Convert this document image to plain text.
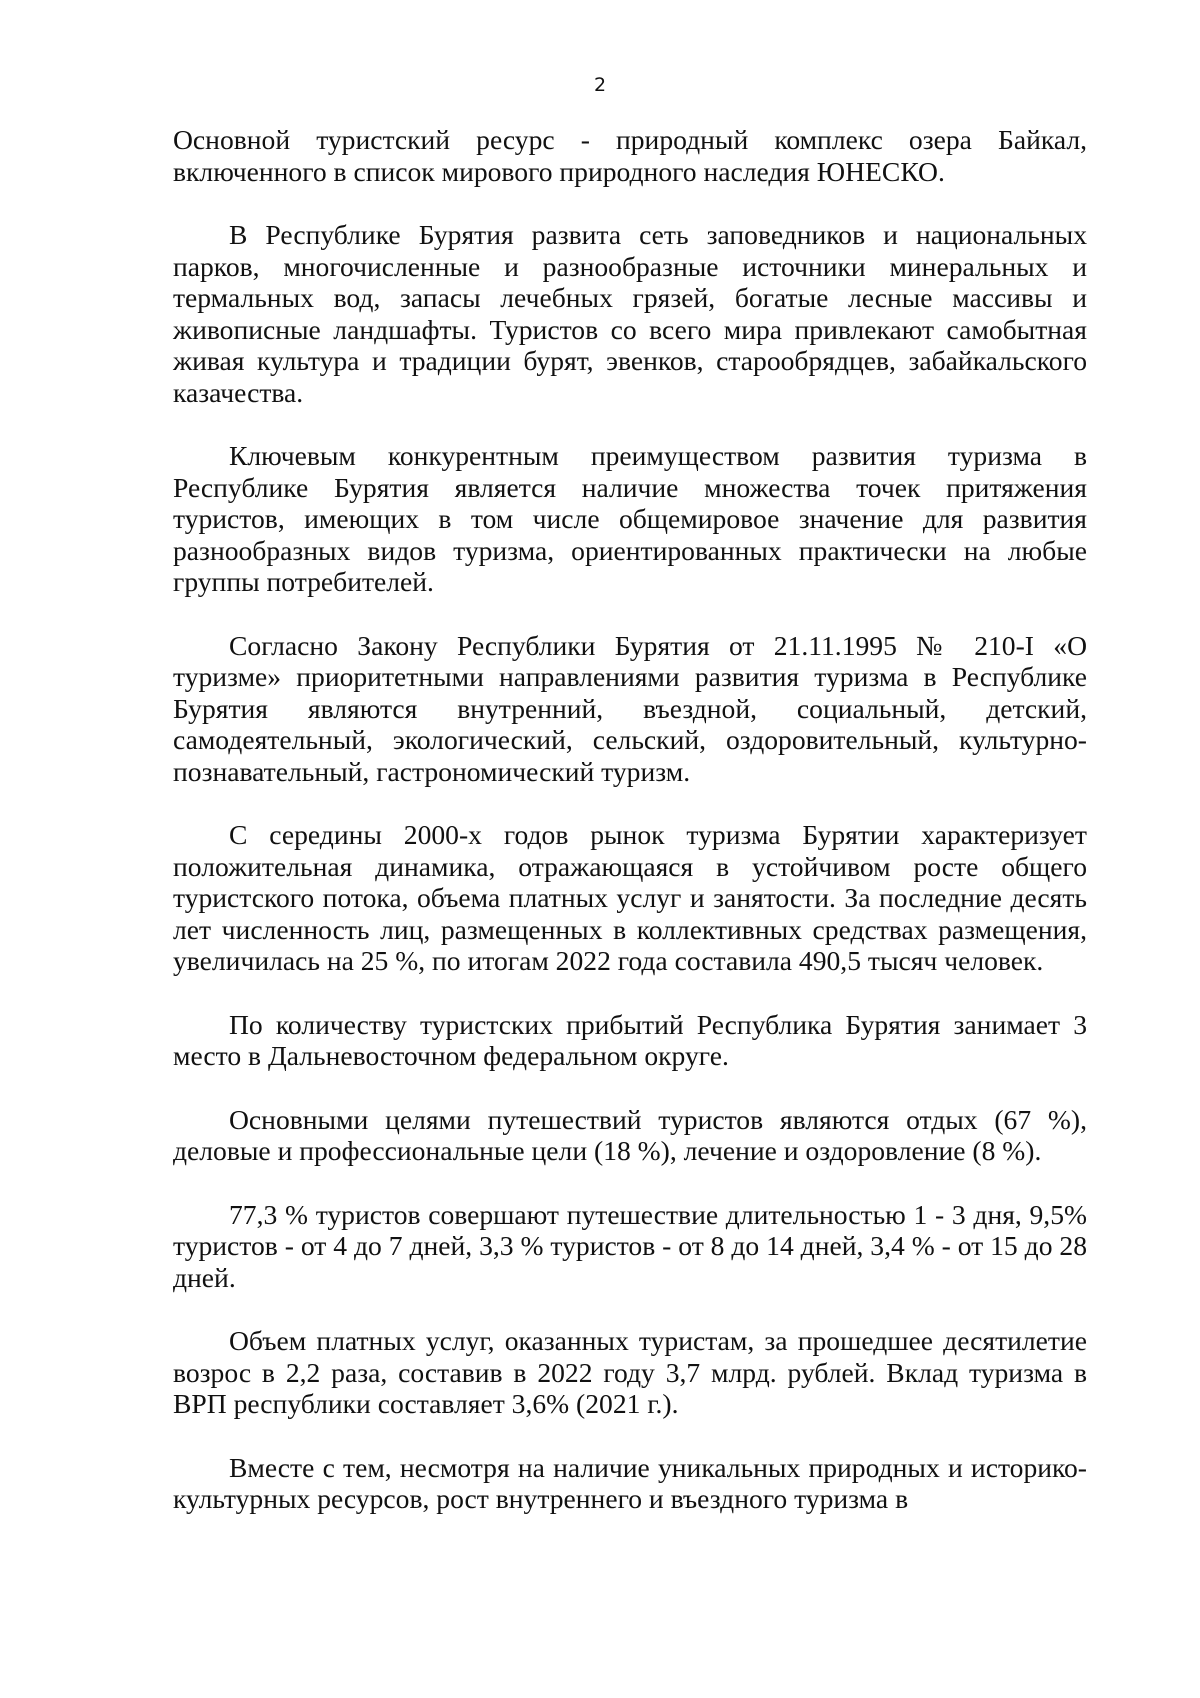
2

Основной туристский ресурс - природный комплекс озера Байкал, включенного в список мирового природного наследия ЮНЕСКО.

В Республике Бурятия развита сеть заповедников и национальных парков, многочисленные и разнообразные источники минеральных и термальных вод, запасы лечебных грязей, богатые лесные массивы и живописные ландшафты. Туристов со всего мира привлекают самобытная живая культура и традиции бурят, эвенков, старообрядцев, забайкальского казачества.

Ключевым конкурентным преимуществом развития туризма в Республике Бурятия является наличие множества точек притяжения туристов, имеющих в том числе общемировое значение для развития разнообразных видов туризма, ориентированных практически на любые группы потребителей.

Согласно Закону Республики Бурятия от 21.11.1995 № 210-I «О туризме» приоритетными направлениями развития туризма в Республике Бурятия являются внутренний, въездной, социальный, детский, самодеятельный, экологический, сельский, оздоровительный, культурно-познавательный, гастрономический туризм.

С середины 2000-х годов рынок туризма Бурятии характеризует положительная динамика, отражающаяся в устойчивом росте общего туристского потока, объема платных услуг и занятости. За последние десять лет численность лиц, размещенных в коллективных средствах размещения, увеличилась на 25 %, по итогам 2022 года составила 490,5 тысяч человек.

По количеству туристских прибытий Республика Бурятия занимает 3 место в Дальневосточном федеральном округе.

Основными целями путешествий туристов являются отдых (67 %), деловые и профессиональные цели (18 %), лечение и оздоровление (8 %).

77,3 % туристов совершают путешествие длительностью 1 - 3 дня, 9,5% туристов - от 4 до 7 дней, 3,3 % туристов - от 8 до 14 дней, 3,4 % - от 15 до 28 дней.

Объем платных услуг, оказанных туристам, за прошедшее десятилетие возрос в 2,2 раза, составив в 2022 году 3,7 млрд. рублей. Вклад туризма в ВРП республики составляет 3,6% (2021 г.).

Вместе с тем, несмотря на наличие уникальных природных и историко-культурных ресурсов, рост внутреннего и въездного туризма в
